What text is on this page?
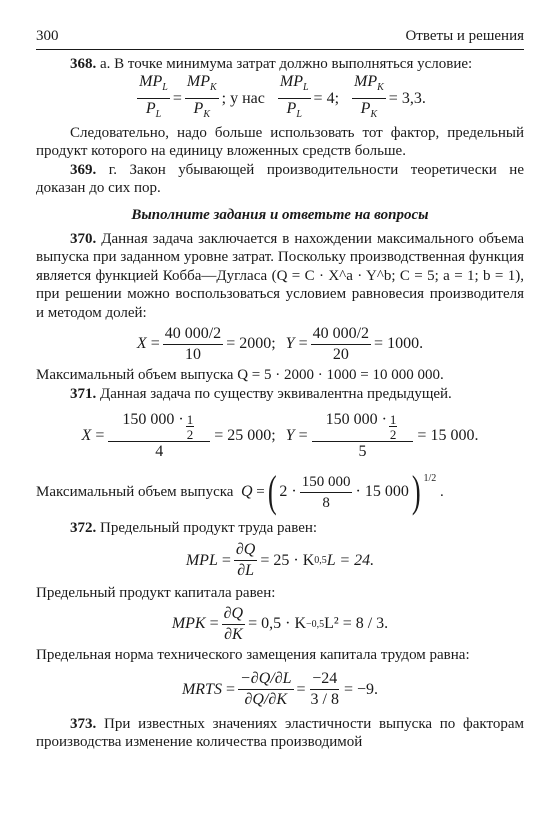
300	Ответы и решения

368. а. В точке минимума затрат должно выполняться условие:

$\frac{MP_L}{P_L} = \frac{MP_K}{P_K}$ ; у нас $\frac{MP_L}{P_L} = 4$; $\frac{MP_K}{P_K} = 3,3$.

Следовательно, надо больше использовать тот фактор, предельный продукт которого на единицу вложенных средств больше.

369. г. Закон убывающей производительности теоретически не доказан до сих пор.

Выполните задания и ответьте на вопросы

370. Данная задача заключается в нахождении максимального объема выпуска при заданном уровне затрат. Поскольку производственная функция является функцией Кобба—Дугласа (Q = C · X^a · Y^b; C = 5; a = 1; b = 1), при решении можно воспользоваться условием равновесия производителя и методом долей:

$X = \frac{40 000/2}{10} = 2000$; $Y = \frac{40 000/2}{20} = 1000$.

Максимальный объем выпуска Q = 5 · 2000 · 1000 = 10 000 000.

371. Данная задача по существу эквивалентна предыдущей.

$X = \frac{150 000 \cdot \frac{1}{2}}{4} = 25$ 000; $Y = \frac{150 000 \cdot \frac{1}{2}}{5} = 15$ 000.
Максимальный объем выпуска
Q = ( $2 \cdot \frac{150 000}{8} \cdot 15$ 000 ) $^{1/2}$
.

372. Предельный продукт труда равен:

MPL = $\frac{\partial Q}{\partial L} = 25 \cdot K$ 0,5 L = 24.

Предельный продукт капитала равен:

MPK = $\frac{\partial Q}{\partial K} = 0,5 \cdot K -0,5$ L² = 8 / 3.

Предельная норма технического замещения капитала трудом равна:

MRTS = $\frac{-\partial Q/\partial L}{\partial Q/\partial K} = \frac{-24}{3 / 8} = -9$.

373. При известных значениях эластичности выпуска по факторам производства изменение количества производимой
